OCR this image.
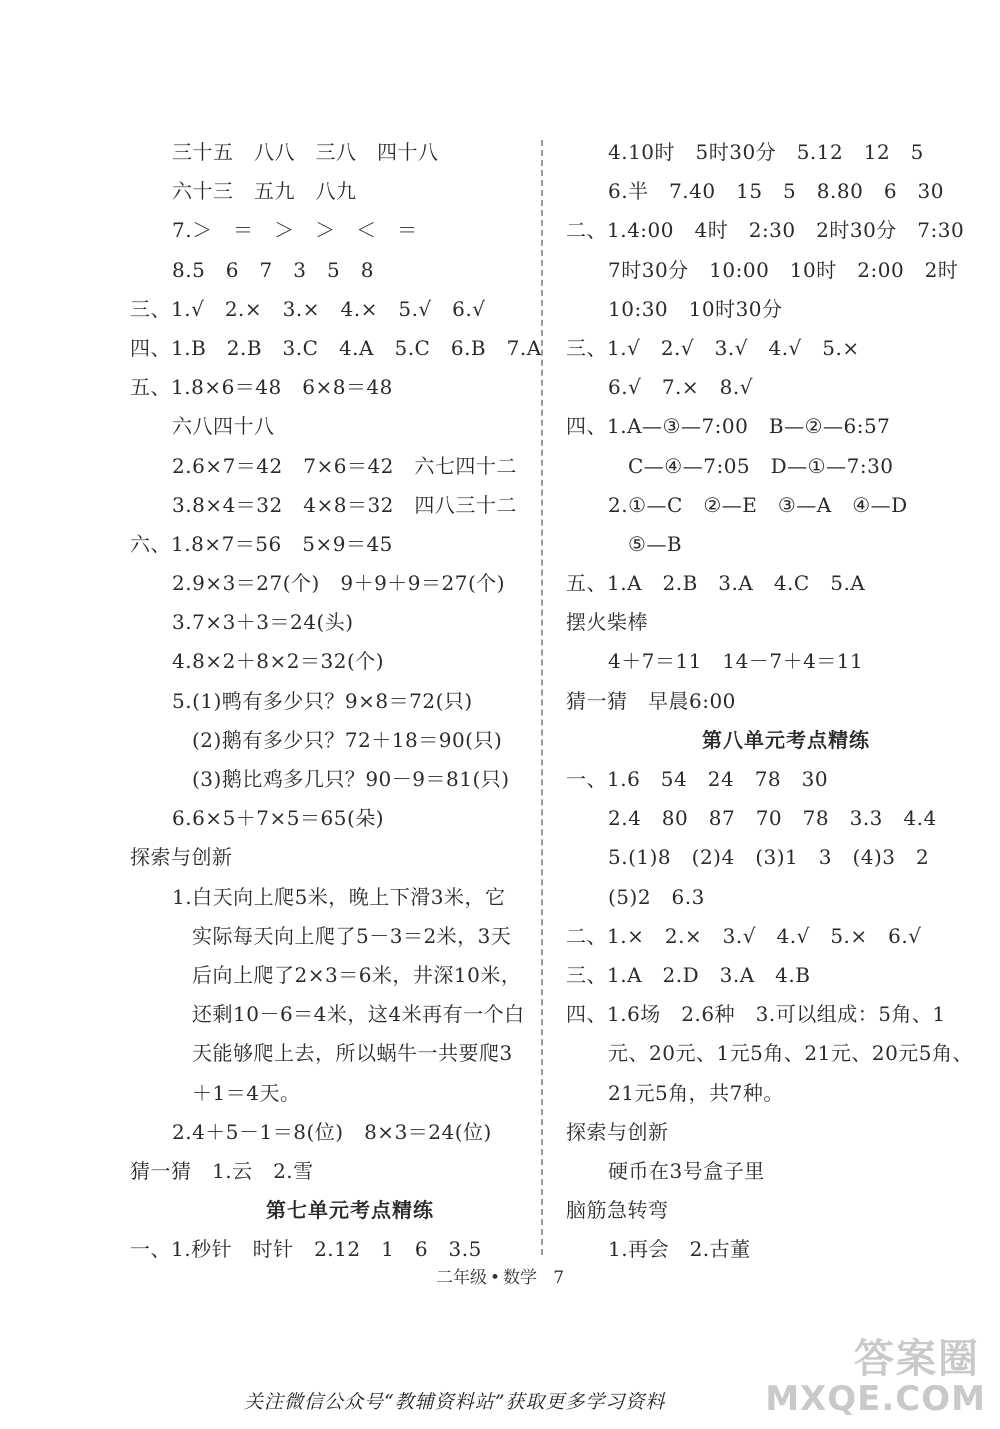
三十五　八八　三八　四十八
六十三　五九　八九
7.＞　＝　＞　＞　＜　＝
8.5　6　7　3　5　8
三、1.√　2.×　3.×　4.×　5.√　6.√
四、1.B　2.B　3.C　4.A　5.C　6.B　7.A
五、1.8×6＝48　6×8＝48
六八四十八
2.6×7＝42　7×6＝42　六七四十二
3.8×4＝32　4×8＝32　四八三十二
六、1.8×7＝56　5×9＝45
2.9×3＝27(个)　9＋9＋9＝27(个)
3.7×3＋3＝24(头)
4.8×2＋8×2＝32(个)
5.(1)鸭有多少只？9×8＝72(只)
(2)鹅有多少只？72＋18＝90(只)
(3)鹅比鸡多几只？90－9＝81(只)
6.6×5＋7×5＝65(朵)
探索与创新
1.白天向上爬5米，晚上下滑3米，它
实际每天向上爬了5－3＝2米，3天
后向上爬了2×3＝6米，井深10米，
还剩10－6＝4米，这4米再有一个白
天能够爬上去，所以蜗牛一共要爬3
＋1＝4天。
2.4＋5－1＝8(位)　8×3＝24(位)
猜一猜　1.云　2.雪
第七单元考点精练
一、1.秒针　时针　2.12　1　6　3.5
4.10时　5时30分　5.12　12　5
6.半　7.40　15　5　8.80　6　30
二、1.4:00　4时　2:30　2时30分　7:30
7时30分　10:00　10时　2:00　2时
10:30　10时30分
三、1.√　2.√　3.√　4.√　5.×
6.√　7.×　8.√
四、1.A—③—7:00　B—②—6:57
C—④—7:05　D—①—7:30
2.①—C　②—E　③—A　④—D
⑤—B
五、1.A　2.B　3.A　4.C　5.A
摆火柴棒
4＋7＝11　14－7＋4＝11
猜一猜　早晨6:00
第八单元考点精练
一、1.6　54　24　78　30
2.4　80　87　70　78　3.3　4.4
5.(1)8　(2)4　(3)1　3　(4)3　2
(5)2　6.3
二、1.×　2.×　3.√　4.√　5.×　6.√
三、1.A　2.D　3.A　4.B
四、1.6场　2.6种　3.可以组成：5角、1
元、20元、1元5角、21元、20元5角、
21元5角，共7种。
探索与创新
硬币在3号盒子里
脑筋急转弯
1.再会　2.古董
二年级 • 数学 7
关注微信公众号“教辅资料站”获取更多学习资料
答案圈
MXQE.COM
